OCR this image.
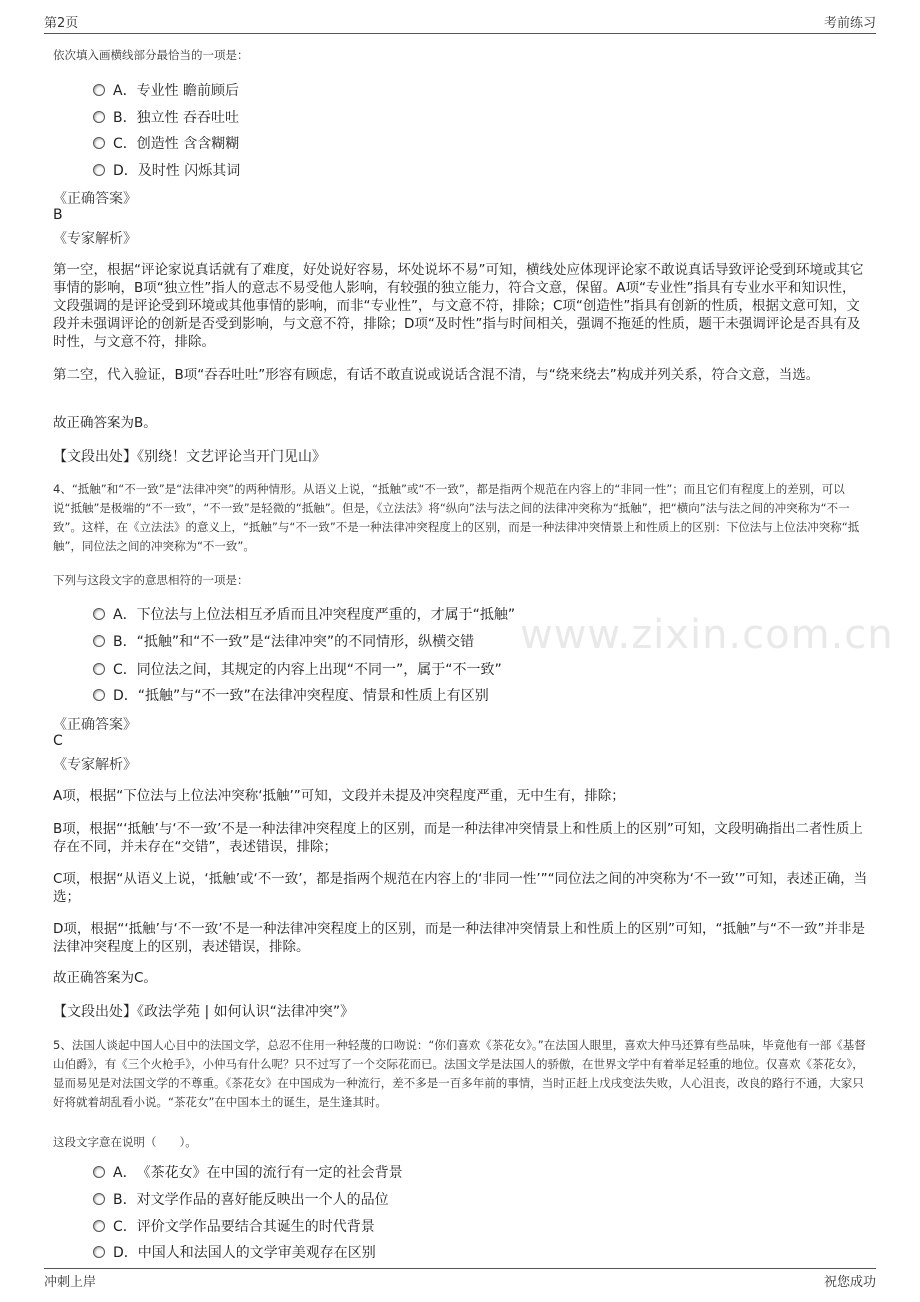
第2页	考前练习
www.zixin.com.cn
依次填入画横线部分最恰当的一项是：
A． 专业性 瞻前顾后
B． 独立性 吞吞吐吐
C． 创造性 含含糊糊
D． 及时性 闪烁其词
《正确答案》
B
《专家解析》
第一空，根据“评论家说真话就有了难度，好处说好容易，坏处说坏不易”可知，横线处应体现评论家不敢说真话导致评论受到环境或其它事情的影响，B项“独立性”指人的意志不易受他人影响，有较强的独立能力，符合文意，保留。A项“专业性”指具有专业水平和知识性，文段强调的是评论受到环境或其他事情的影响，而非“专业性”，与文意不符，排除；C项“创造性”指具有创新的性质，根据文意可知，文段并未强调评论的创新是否受到影响，与文意不符，排除；D项“及时性”指与时间相关，强调不拖延的性质，题干未强调评论是否具有及时性，与文意不符，排除。
第二空，代入验证，B项“吞吞吐吐”形容有顾虑，有话不敢直说或说话含混不清，与“绕来绕去”构成并列关系，符合文意，当选。
故正确答案为B。
【文段出处】《别绕！文艺评论当开门见山》
4、“抵触”和“不一致”是“法律冲突”的两种情形。从语义上说，“抵触”或“不一致”，都是指两个规范在内容上的“非同一性”；而且它们有程度上的差别，可以说“抵触”是极端的“不一致”，“不一致”是轻微的“抵触”。但是，《立法法》将“纵向”法与法之间的法律冲突称为“抵触”，把“横向”法与法之间的冲突称为“不一致”。这样，在《立法法》的意义上，“抵触”与“不一致”不是一种法律冲突程度上的区别，而是一种法律冲突情景上和性质上的区别：下位法与上位法冲突称“抵触”，同位法之间的冲突称为“不一致”。
下列与这段文字的意思相符的一项是：
A． 下位法与上位法相互矛盾而且冲突程度严重的，才属于“抵触”
B． “抵触”和“不一致”是“法律冲突”的不同情形，纵横交错
C． 同位法之间，其规定的内容上出现“不同一”，属于“不一致”
D． “抵触”与“不一致”在法律冲突程度、情景和性质上有区别
《正确答案》
C
《专家解析》
A项，根据“下位法与上位法冲突称‘抵触’”可知，文段并未提及冲突程度严重，无中生有，排除；
B项，根据“‘抵触’与‘不一致’不是一种法律冲突程度上的区别，而是一种法律冲突情景上和性质上的区别”可知，文段明确指出二者性质上存在不同，并未存在“交错”，表述错误，排除；
C项，根据“从语义上说，‘抵触’或‘不一致’，都是指两个规范在内容上的‘非同一性’”“同位法之间的冲突称为‘不一致’”可知，表述正确，当选；
D项，根据“‘抵触’与‘不一致’不是一种法律冲突程度上的区别，而是一种法律冲突情景上和性质上的区别”可知，“抵触”与“不一致”并非是法律冲突程度上的区别，表述错误，排除。
故正确答案为C。
【文段出处】《政法学苑 | 如何认识“法律冲突”》
5、法国人谈起中国人心目中的法国文学，总忍不住用一种轻蔑的口吻说：“你们喜欢《茶花女》。”在法国人眼里，喜欢大仲马还算有些品味，毕竟他有一部《基督山伯爵》，有《三个火枪手》，小仲马有什么呢？只不过写了一个交际花而已。法国文学是法国人的骄傲，在世界文学中有着举足轻重的地位。仅喜欢《茶花女》，显而易见是对法国文学的不尊重。《茶花女》在中国成为一种流行，差不多是一百多年前的事情，当时正赶上戊戌变法失败，人心沮丧，改良的路行不通，大家只好将就着胡乱看小说。“茶花女”在中国本土的诞生，是生逢其时。
这段文字意在说明（　　）。
A． 《茶花女》在中国的流行有一定的社会背景
B． 对文学作品的喜好能反映出一个人的品位
C． 评价文学作品要结合其诞生的时代背景
D． 中国人和法国人的文学审美观存在区别
冲刺上岸	祝您成功
